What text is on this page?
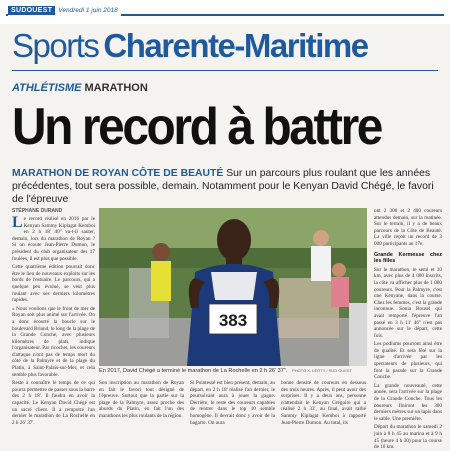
SUDOUEST Vendredi 1 juin 2018
Sports Charente-Maritime
ATHLÉTISME MARATHON
Un record à battre
MARATHON DE ROYAN CÔTE DE BEAUTÉ Sur un parcours plus roulant que les années précédentes, tout sera possible, demain. Notamment pour le Kenyan David Chégé, le favori de l'épreuve
STÉPHANE DURAND
L e record réalisé en 2016 par le Kenyan Sammy Kiplagat Kemboi en 2 h 18' 40'' va-t-il sauter, demain, lors du marathon de Royan ? Si on écoute Jean-Pierre Dumon, le président du club organisateur des 17 foulées, il est plus que possible.

Cette quatrième édition pourrait donc être le lieu de nouveaux exploits sur les bords de l'estuaire. Le parcours, qui a quelque peu évolué, se veut plus roulant avec ses derniers kilomètres rapides.

« Nous voulions que le front de mer de Royan soit plus animé sur l'arrivée. On a donc écourté la boucle sur le boulevard Briand, le long de la plage de la Grande Conche, avec plusieurs kilomètres de plats, indique l'organisateur. Par ricochet, les coureurs d'attaque n'ont pas de temps mort du côté de la Palmyre et de la plage du Platin, à Saint-Palais-sur-Mer, et cela semble plus favorable.

Reste à connaître le temps de ce qui pourra permettre de passer sous la barre des 2 h 18'. Il faudra en avoir la capacité. Le Kenyan David Chégé est un sacré client. Il a remporté l'an dernier le marathon de La Rochelle en 2 h 26' 37'.

383
En 2017, David Chégé a terminé le marathon de La Rochelle en 2 h 26' 37''. PHOTO X. LÉOTY / SUD OUEST

Son inscription au marathon de Royan en fait le favori tout désigné de l'épreuve. Surtout que la partie sur la plage de la Palmyre, assez proche des abords du Platin, en fait l'un des marathons les plus roulants de la région.

Si Pointessé est bien présent, demain, au départ, en 2 h 18' réalisé l'an dernier, le poursuivant aura à jouer la gagne. Derrière, le reste des coureurs capables de rentrer dans le top 10 semble homogène. Il devrait donc y avoir de la bagarre. On aura

bonne densité de coureurs en dessous des trois heures. Après, il peut avoir des surprises. Il y a deux ans, personne n'attendait le Kenyan Grégoire qui a réalisé 2 h 33', au final, avait rallié Sammy Kiplagat Kemboi à rapporté Jean-Pierre Dumon. Au total, ils

ont 2 300 et 2 400 coureurs attendus demain, sur la matinée. Sur le terrain, il y a de beaux parcours de la Côte de Beauté. La ville reçoit un record de 3 000 participants au 17e.

Grande Kermesse chez les filles

Sur le marathon, le semi et 10 km, avec plus de 4 000 inscrits, la côte va afficher plus de 1 000 coureurs. Pour la Palmyre, c'est une Kenyane, dans la course. Chez les femmes, c'est la grande inconnue. Sonia Rousel qui avait remporté l'épreuve l'an passé en 3 h 11' 46'' n'est pas annoncée sur le départ, cette fois.

Les podiums pourront ainsi être de qualité. Et sera fêté sur la ligne d'arrivée par les spectateurs de plusieurs, qui font la parade sur la Grande Conche.

La grande nouveauté, cette année, sera l'arrivée sur la plage de la Grande Conche. Tous les coureurs finiront les 300 derniers mètres sur un tapis dans le sable. Une première.

Départ du marathon le samedi 2 juin à 8 h 45 au marina et à 9 h 45 (heure 4 h 30) pour la course de 10 km.
